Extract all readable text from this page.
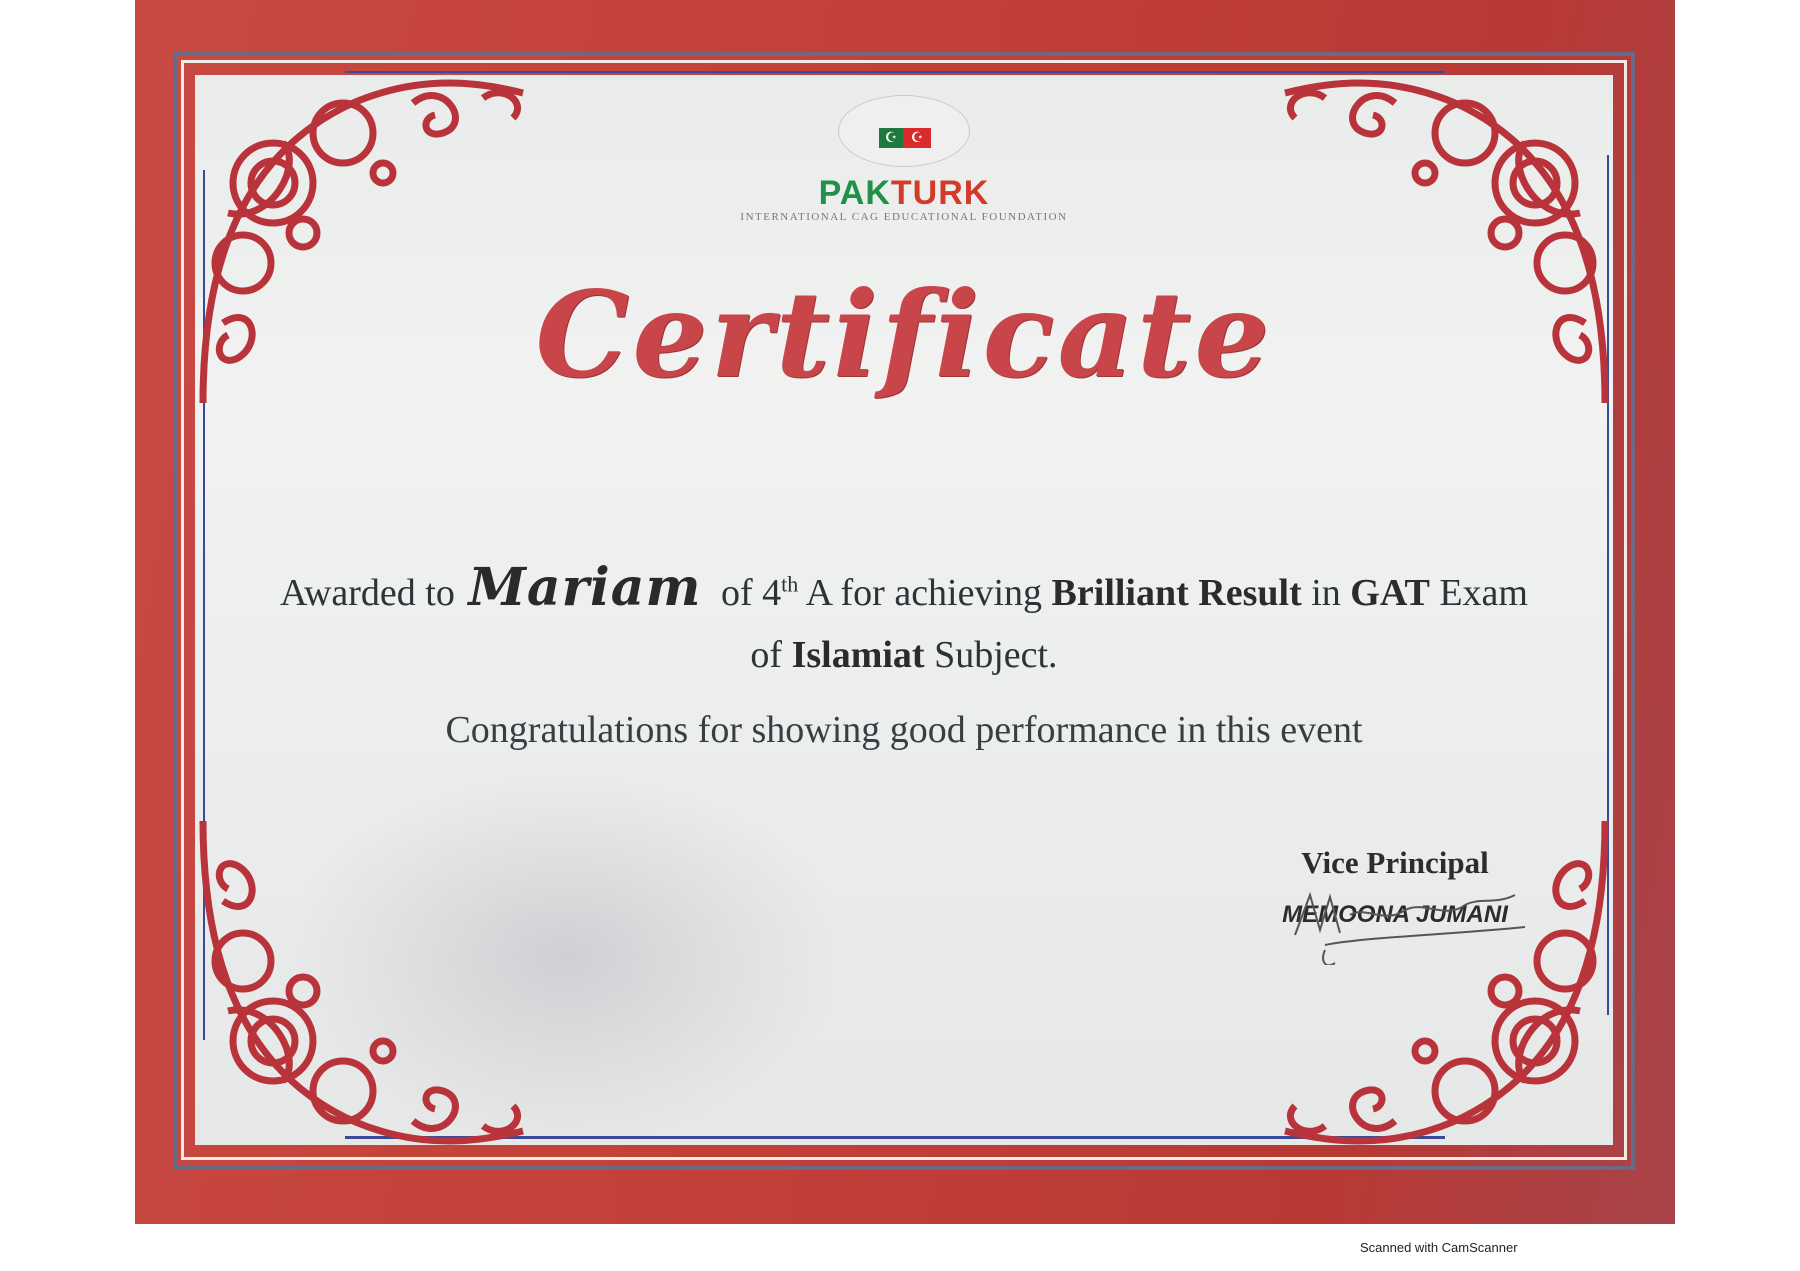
☪ ☪
PAKTURK
INTERNATIONAL CAG EDUCATIONAL FOUNDATION
Certificate
Awarded to Mariam of 4th A for achieving Brilliant Result in GAT Exam
of Islamiat Subject.
Congratulations for showing good performance in this event
Vice Principal
MEMOONA JUMANI
Scanned with CamScanner
